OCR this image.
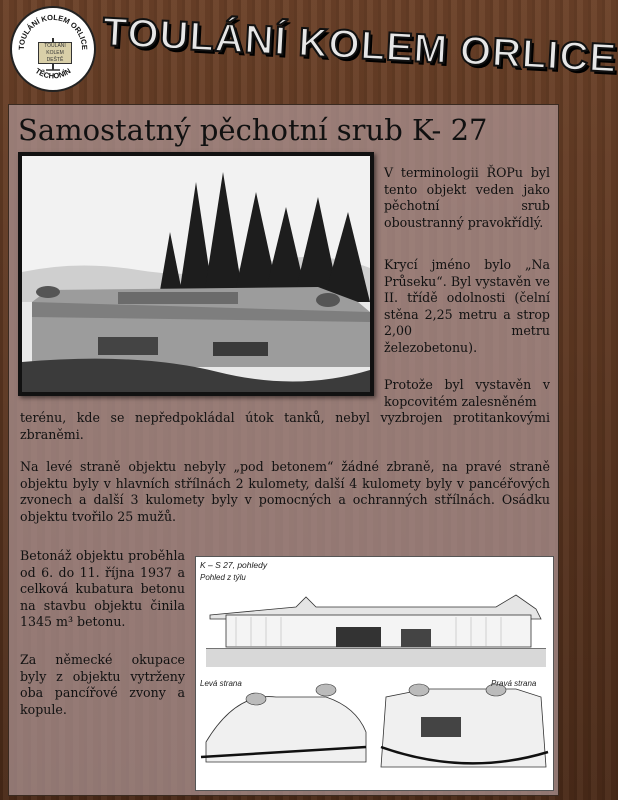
TOULÁNÍ KOLEM ORLICE
TĚCHONÍN
TOULÁNÍ KOLEM DEŠTĚ TOULÁNÍ KOLEM ORLICE
Samostatný pěchotní srub K- 27

V terminologii ŘOPu byl tento objekt veden jako pěchotní srub oboustranný pravokřídlý.

Krycí jméno bylo „Na Průseku“. Byl vystavěn ve II. třídě odolnosti (čelní stěna 2,25 metru a strop 2,00 metru železobetonu).

Protože byl vystavěn v kopcovitém zalesněném

terénu, kde se nepředpokládal útok tanků, nebyl vyzbrojen protitankovými zbraněmi.

Na levé straně objektu nebyly „pod betonem“ žádné zbraně, na pravé straně objektu byly v hlavních střílnách 2 kulomety, další 4 kulomety byly v pancéřových zvonech a další 3 kulomety byly v pomocných a ochranných střílnách. Osádku objektu tvořilo 25 mužů.

Betonáž objektu proběhla od 6. do 11. října 1937 a celková kubatura betonu na stavbu objektu činila 1345 m³ betonu.

Za německé okupace byly z objektu vytrženy oba pancířové zvony a kopule.

K – S 27, pohledy
Pohled z týlu
Levá strana	Pravá strana
